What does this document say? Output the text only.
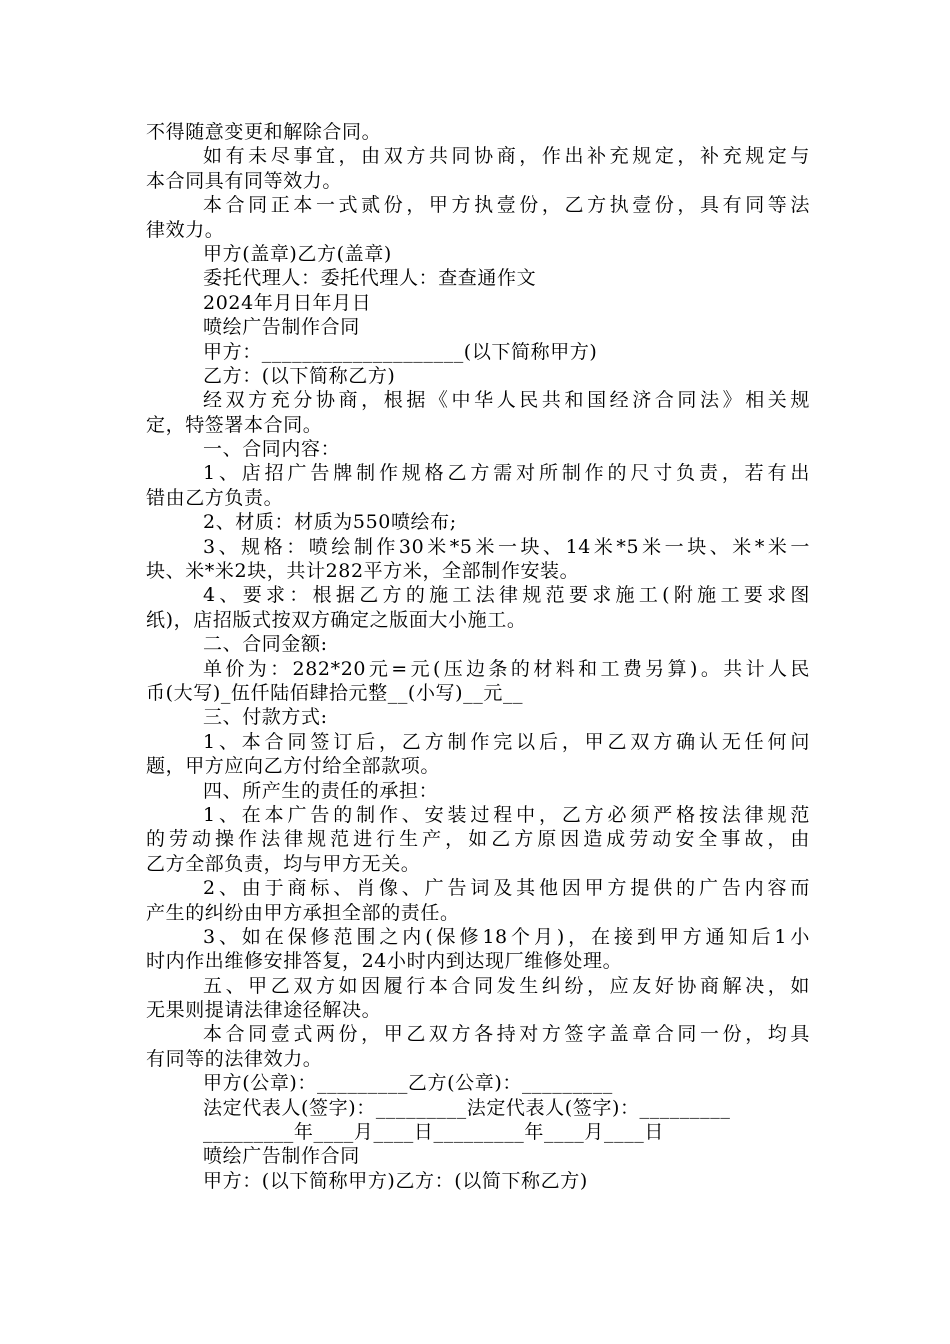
不得随意变更和解除合同。
如有未尽事宜，由双方共同协商，作出补充规定，补充规定与
本合同具有同等效力。
本合同正本一式贰份，甲方执壹份，乙方执壹份，具有同等法
律效力。
甲方(盖章)乙方(盖章)
委托代理人：委托代理人：查查通作文
2024年月日年月日
喷绘广告制作合同
甲方：____________________(以下简称甲方)
乙方：(以下简称乙方)
经双方充分协商，根据《中华人民共和国经济合同法》相关规
定，特签署本合同。
一、合同内容：
1、店招广告牌制作规格乙方需对所制作的尺寸负责，若有出
错由乙方负责。
2、材质：材质为550喷绘布;
3、规格：喷绘制作30米*5米一块、14米*5米一块、米*米一
块、米*米2块，共计282平方米，全部制作安装。
4、要求：根据乙方的施工法律规范要求施工(附施工要求图
纸)，店招版式按双方确定之版面大小施工。
二、合同金额:
单价为：282*20元=元(压边条的材料和工费另算)。共计人民
币(大写)_伍仟陆佰肆拾元整__(小写)__元__
三、付款方式:
1、本合同签订后，乙方制作完以后，甲乙双方确认无任何问
题，甲方应向乙方付给全部款项。
四、所产生的责任的承担：
1、在本广告的制作、安装过程中，乙方必须严格按法律规范
的劳动操作法律规范进行生产，如乙方原因造成劳动安全事故，由
乙方全部负责，均与甲方无关。
2、由于商标、肖像、广告词及其他因甲方提供的广告内容而
产生的纠纷由甲方承担全部的责任。
3、如在保修范围之内(保修18个月)，在接到甲方通知后1小
时内作出维修安排答复，24小时内到达现厂维修处理。
五、甲乙双方如因履行本合同发生纠纷，应友好协商解决，如
无果则提请法律途径解决。
本合同壹式两份，甲乙双方各持对方签字盖章合同一份，均具
有同等的法律效力。
甲方(公章)：_________乙方(公章)：_________
法定代表人(签字)：_________法定代表人(签字)：_________
_________年____月____日_________年____月____日
喷绘广告制作合同
甲方：(以下简称甲方)乙方：(以简下称乙方)
